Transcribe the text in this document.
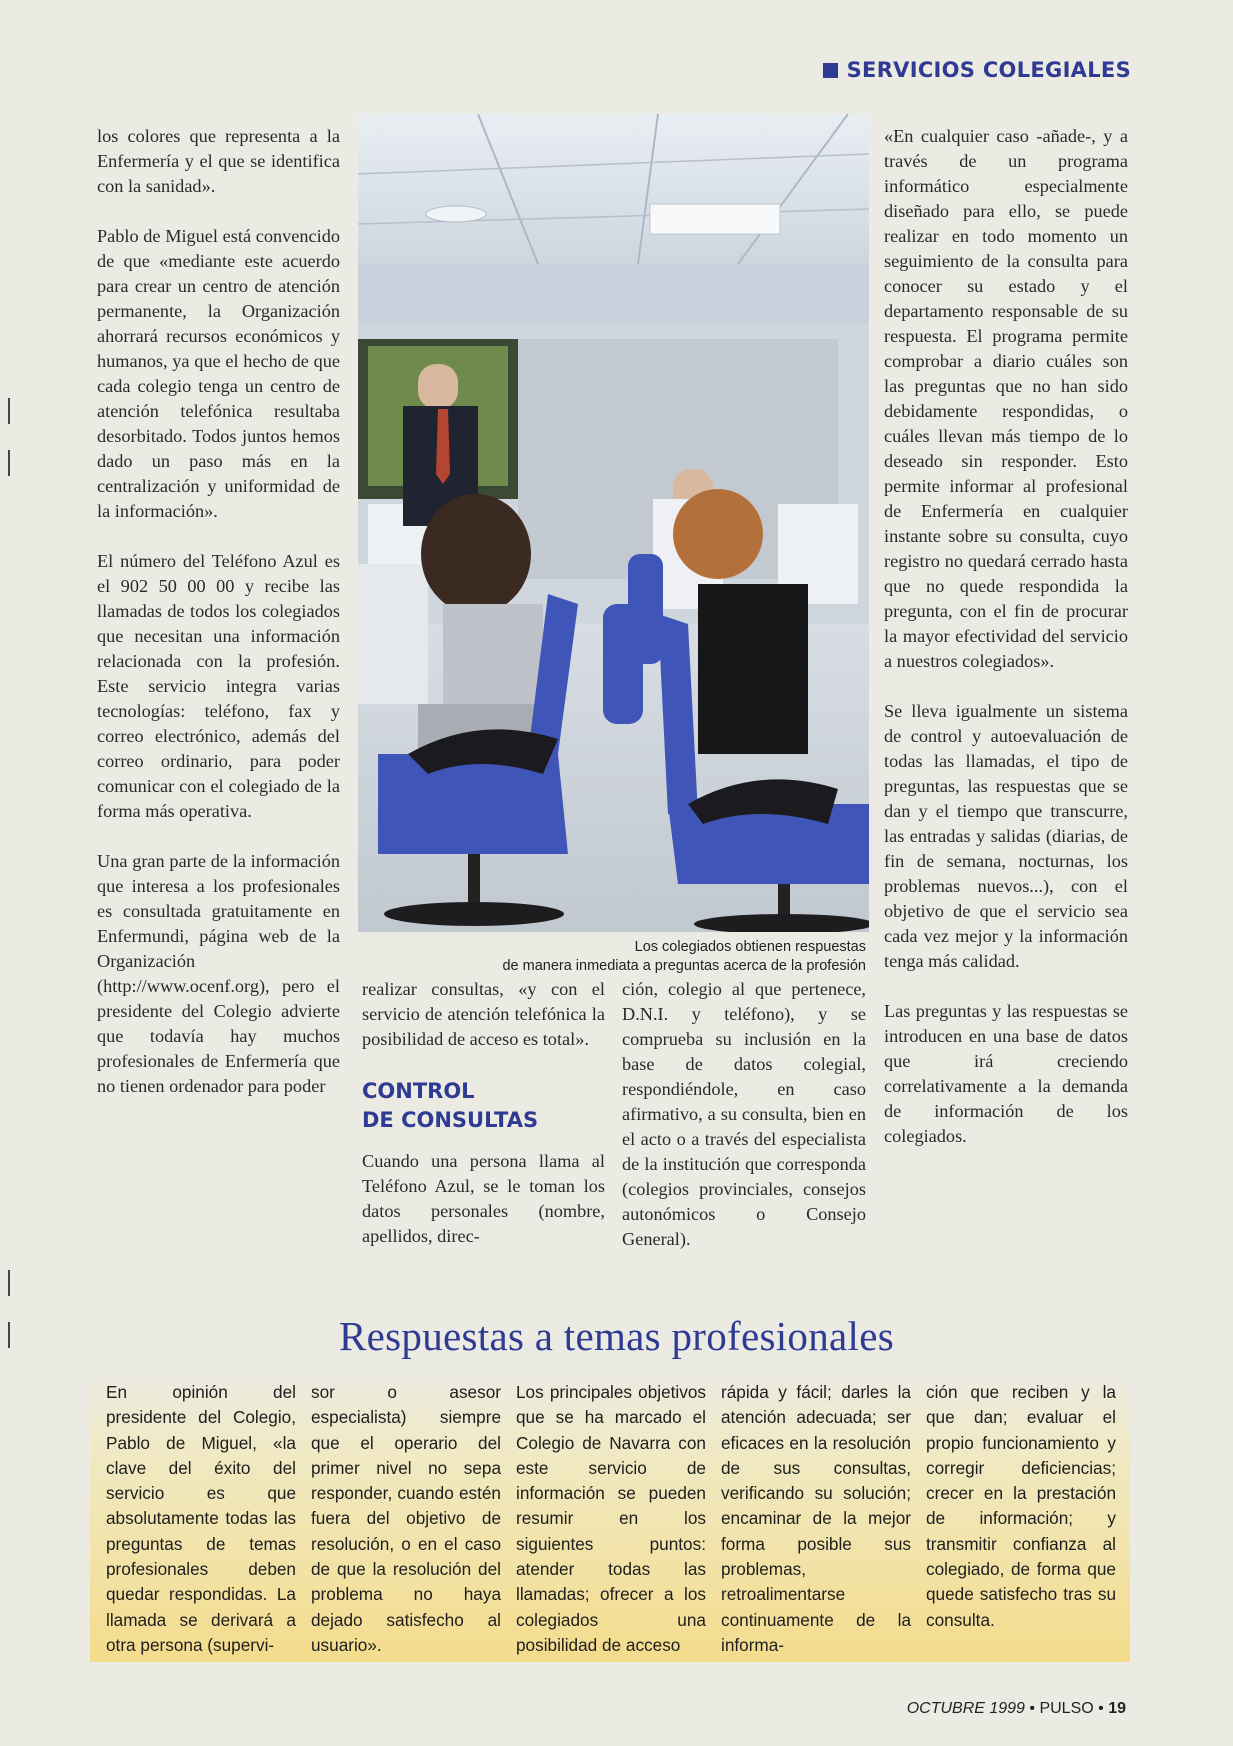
SERVICIOS COLEGIALES

los colores que representa a la Enfermería y el que se identifica con la sanidad».

Pablo de Miguel está convencido de que «mediante este acuerdo para crear un centro de atención permanente, la Organización ahorrará recursos económicos y humanos, ya que el hecho de que cada colegio tenga un centro de atención telefónica resultaba desorbitado. Todos juntos hemos dado un paso más en la centralización y uniformidad de la información».

El número del Teléfono Azul es el 902 50 00 00 y recibe las llamadas de todos los colegiados que necesitan una información relacionada con la profesión. Este servicio integra varias tecnologías: teléfono, fax y correo electrónico, además del correo ordinario, para poder comunicar con el colegiado de la forma más operativa.

Una gran parte de la información que interesa a los profesionales es consultada gratuitamente en Enfermundi, página web de la Organización (http://www.ocenf.org), pero el presidente del Colegio advierte que todavía hay muchos profesionales de Enfermería que no tienen ordenador para poder

Los colegiados obtienen respuestas
de manera inmediata a preguntas acerca de la profesión

realizar consultas, «y con el servicio de atención telefónica la posibilidad de acceso es total».

CONTROL
DE CONSULTAS

Cuando una persona llama al Teléfono Azul, se le toman los datos personales (nombre, apellidos, direc-

ción, colegio al que pertenece, D.N.I. y teléfono), y se comprueba su inclusión en la base de datos colegial, respondiéndole, en caso afirmativo, a su consulta, bien en el acto o a través del especialista de la institución que corresponda (colegios provinciales, consejos autonómicos o Consejo General).

«En cualquier caso -añade-, y a través de un programa informático especialmente diseñado para ello, se puede realizar en todo momento un seguimiento de la consulta para conocer su estado y el departamento responsable de su respuesta. El programa permite comprobar a diario cuáles son las preguntas que no han sido debidamente respondidas, o cuáles llevan más tiempo de lo deseado sin responder. Esto permite informar al profesional de Enfermería en cualquier instante sobre su consulta, cuyo registro no quedará cerrado hasta que no quede respondida la pregunta, con el fin de procurar la mayor efectividad del servicio a nuestros colegiados».

Se lleva igualmente un sistema de control y autoevaluación de todas las llamadas, el tipo de preguntas, las respuestas que se dan y el tiempo que transcurre, las entradas y salidas (diarias, de fin de semana, nocturnas, los problemas nuevos...), con el objetivo de que el servicio sea cada vez mejor y la información tenga más calidad.

Las preguntas y las respuestas se introducen en una base de datos que irá creciendo correlativamente a la demanda de información de los colegiados.

Respuestas a temas profesionales
En opinión del presidente del Colegio, Pablo de Miguel, «la clave del éxito del servicio es que absolutamente todas las preguntas de temas profesionales deben quedar respondidas. La llamada se derivará a otra persona (supervi-
sor o asesor especialista) siempre que el operario del primer nivel no sepa responder, cuando estén fuera del objetivo de resolución, o en el caso de que la resolución del problema no haya dejado satisfecho al usuario».
Los principales objetivos que se ha marcado el Colegio de Navarra con este servicio de información se pueden resumir en los siguientes puntos: atender todas las llamadas; ofrecer a los colegiados una posibilidad de acceso
rápida y fácil; darles la atención adecuada; ser eficaces en la resolución de sus consultas, verificando su solución; encaminar de la mejor forma posible sus problemas, retroalimentarse continuamente de la informa-
ción que reciben y la que dan; evaluar el propio funcionamiento y corregir deficiencias; crecer en la prestación de información; y transmitir confianza al colegiado, de forma que quede satisfecho tras su consulta.
OCTUBRE 1999 • PULSO • 19
